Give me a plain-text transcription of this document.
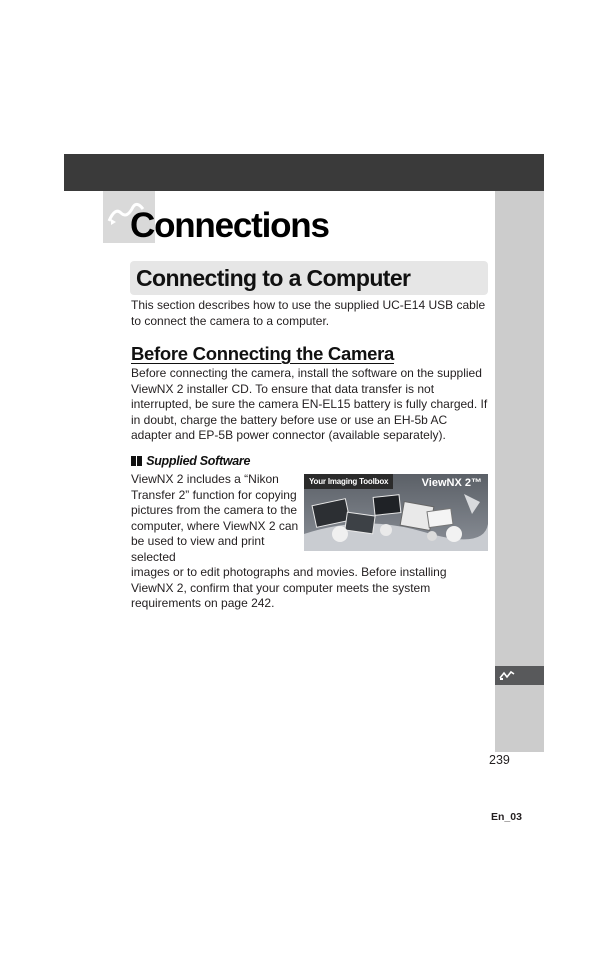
Connections
Connecting to a Computer

This section describes how to use the supplied UC-E14 USB cable to connect the camera to a computer.

Before Connecting the Camera

Before connecting the camera, install the software on the supplied ViewNX 2 installer CD. To ensure that data transfer is not interrupted, be sure the camera EN-EL15 battery is fully charged. If in doubt, charge the battery before use or use an EH-5b AC adapter and EP-5B power connector (available separately).

Supplied Software

ViewNX 2 includes a “Nikon Transfer 2” function for copying pictures from the camera to the computer, where ViewNX 2 can be used to view and print selected

Your Imaging Toolbox	ViewNX 2™

images or to edit photographs and movies. Before installing ViewNX 2, confirm that your computer meets the system requirements on page 242.

239
En_03
